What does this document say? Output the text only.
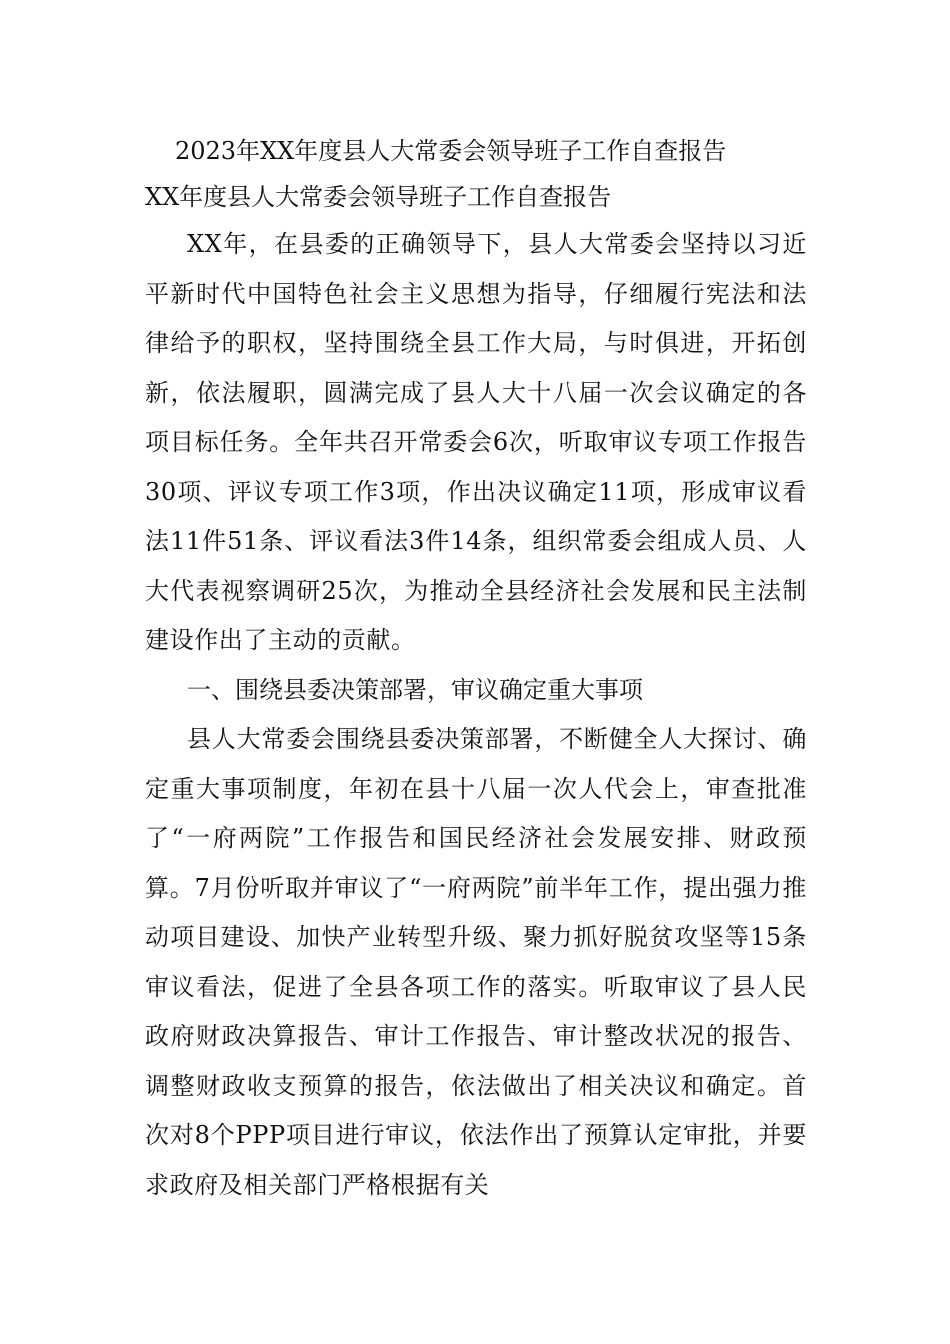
2023年XX年度县人大常委会领导班子工作自查报告

XX年度县人大常委会领导班子工作自查报告

XX年，在县委的正确领导下，县人大常委会坚持以习近平新时代中国特色社会主义思想为指导，仔细履行宪法和法律给予的职权，坚持围绕全县工作大局，与时俱进，开拓创新，依法履职，圆满完成了县人大十八届一次会议确定的各项目标任务。全年共召开常委会6次，听取审议专项工作报告30项、评议专项工作3项，作出决议确定11项，形成审议看法11件51条、评议看法3件14条，组织常委会组成人员、人大代表视察调研25次，为推动全县经济社会发展和民主法制建设作出了主动的贡献。

一、围绕县委决策部署，审议确定重大事项

县人大常委会围绕县委决策部署，不断健全人大探讨、确定重大事项制度，年初在县十八届一次人代会上，审查批准了“一府两院”工作报告和国民经济社会发展安排、财政预算。7月份听取并审议了“一府两院”前半年工作，提出强力推动项目建设、加快产业转型升级、聚力抓好脱贫攻坚等15条审议看法，促进了全县各项工作的落实。听取审议了县人民政府财政决算报告、审计工作报告、审计整改状况的报告、调整财政收支预算的报告，依法做出了相关决议和确定。首次对8个PPP项目进行审议，依法作出了预算认定审批，并要求政府及相关部门严格根据有关
